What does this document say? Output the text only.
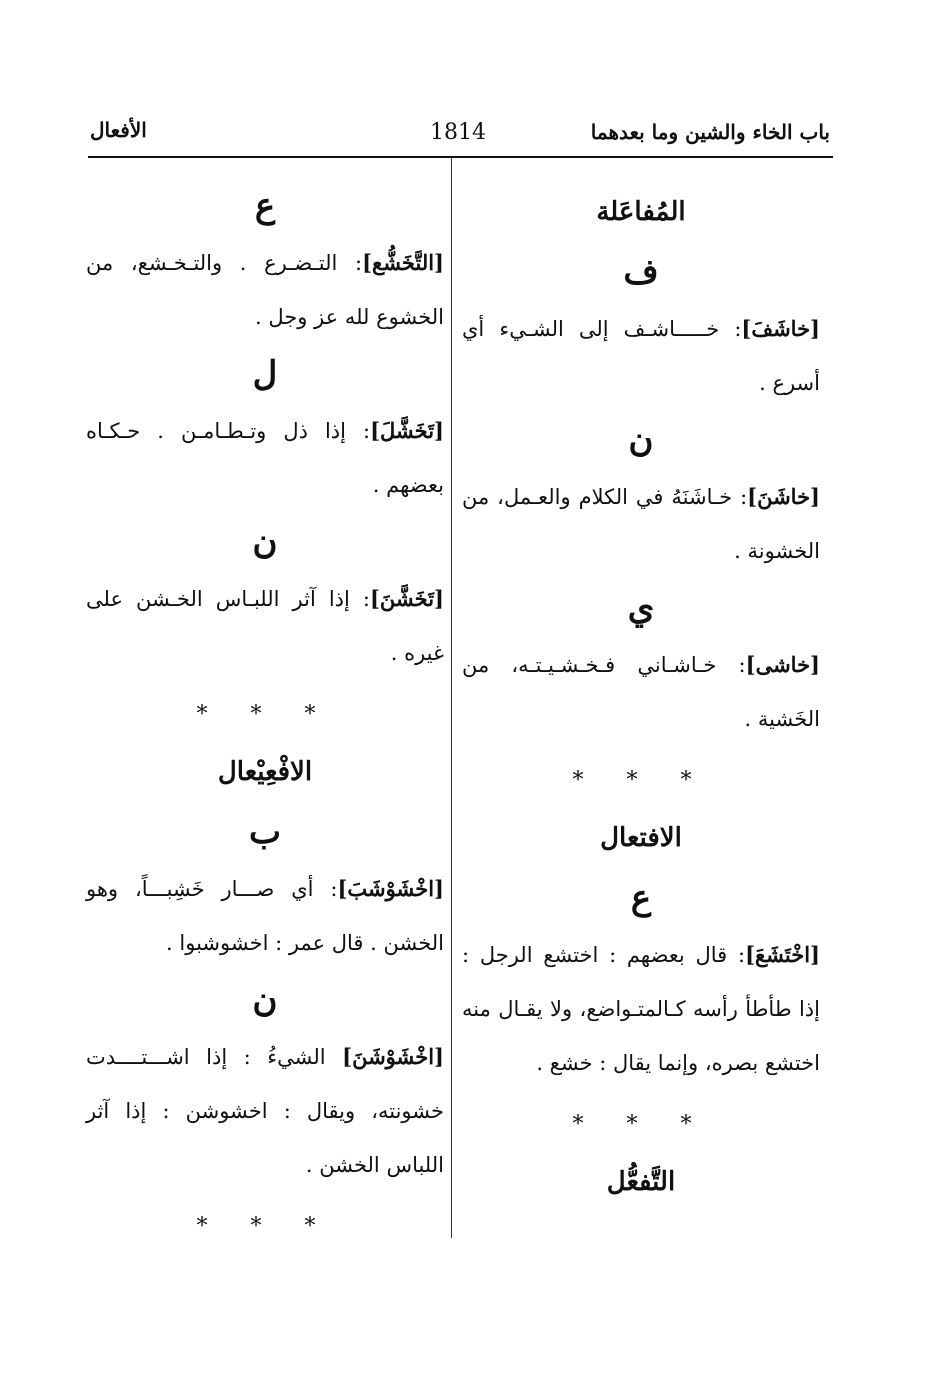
باب الخاء والشين وما بعدهما
1814
الأفعال
المُفاعَلة
ف

[خاشَفَ]: خـــــاشـف إلى الشـيء أي أسرع .

ن

[خاشَنَ]: خـاشَنَهُ في الكلام والعـمل، من الخشونة .

ي

[خاشى]: خـاشـاني فـخـشـيـتـه، من الخَشية .

* * *
الافتعال
ع

[اخْتَشَعَ]: قال بعضهم : اختشع الرجل : إذا طأطأ رأسه كـالمتـواضع، ولا يقـال منه اختشع بصره، وإنما يقال : خشع .

* * *
التَّفعُّل
ع

[التَّخَشُّع]: التـضـرع . والتـخـشع، من الخشوع لله عز وجل .

ل

[تَخَشَّلَ]: إذا ذل وتـطـامـن . حـكـاه بعضهم .

ن

[تَخَشَّنَ]: إذا آثر اللبـاس الخـشن على غيره .

* * *
الافْعِيْعال
ب

[اخْشَوْشَبَ]: أي صـــار خَشِبـــاً، وهو الخشن . قال عمر : اخشوشبوا .

ن

[اخْشَوْشَنَ] الشيءُ : إذا اشـــتــــدت خشونته، ويقال : اخشوشن : إذا آثر اللباس الخشن .

* * *
